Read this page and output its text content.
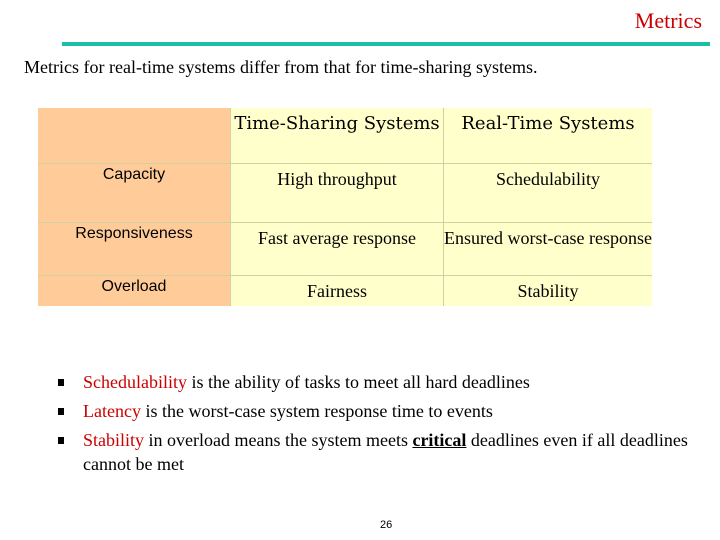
Metrics
Metrics for real-time systems differ from that for time-sharing systems.

	Time-Sharing Systems	Real-Time Systems

Capacity	High throughput	Schedulability

Responsiveness	Fast average response	Ensured worst-case response

Overload	Fairness	Stability
Schedulability is the ability of tasks to meet all hard deadlines
Latency is the worst-case system response time to events
Stability in overload means the system meets critical deadlines even if all deadlines cannot be met
26
